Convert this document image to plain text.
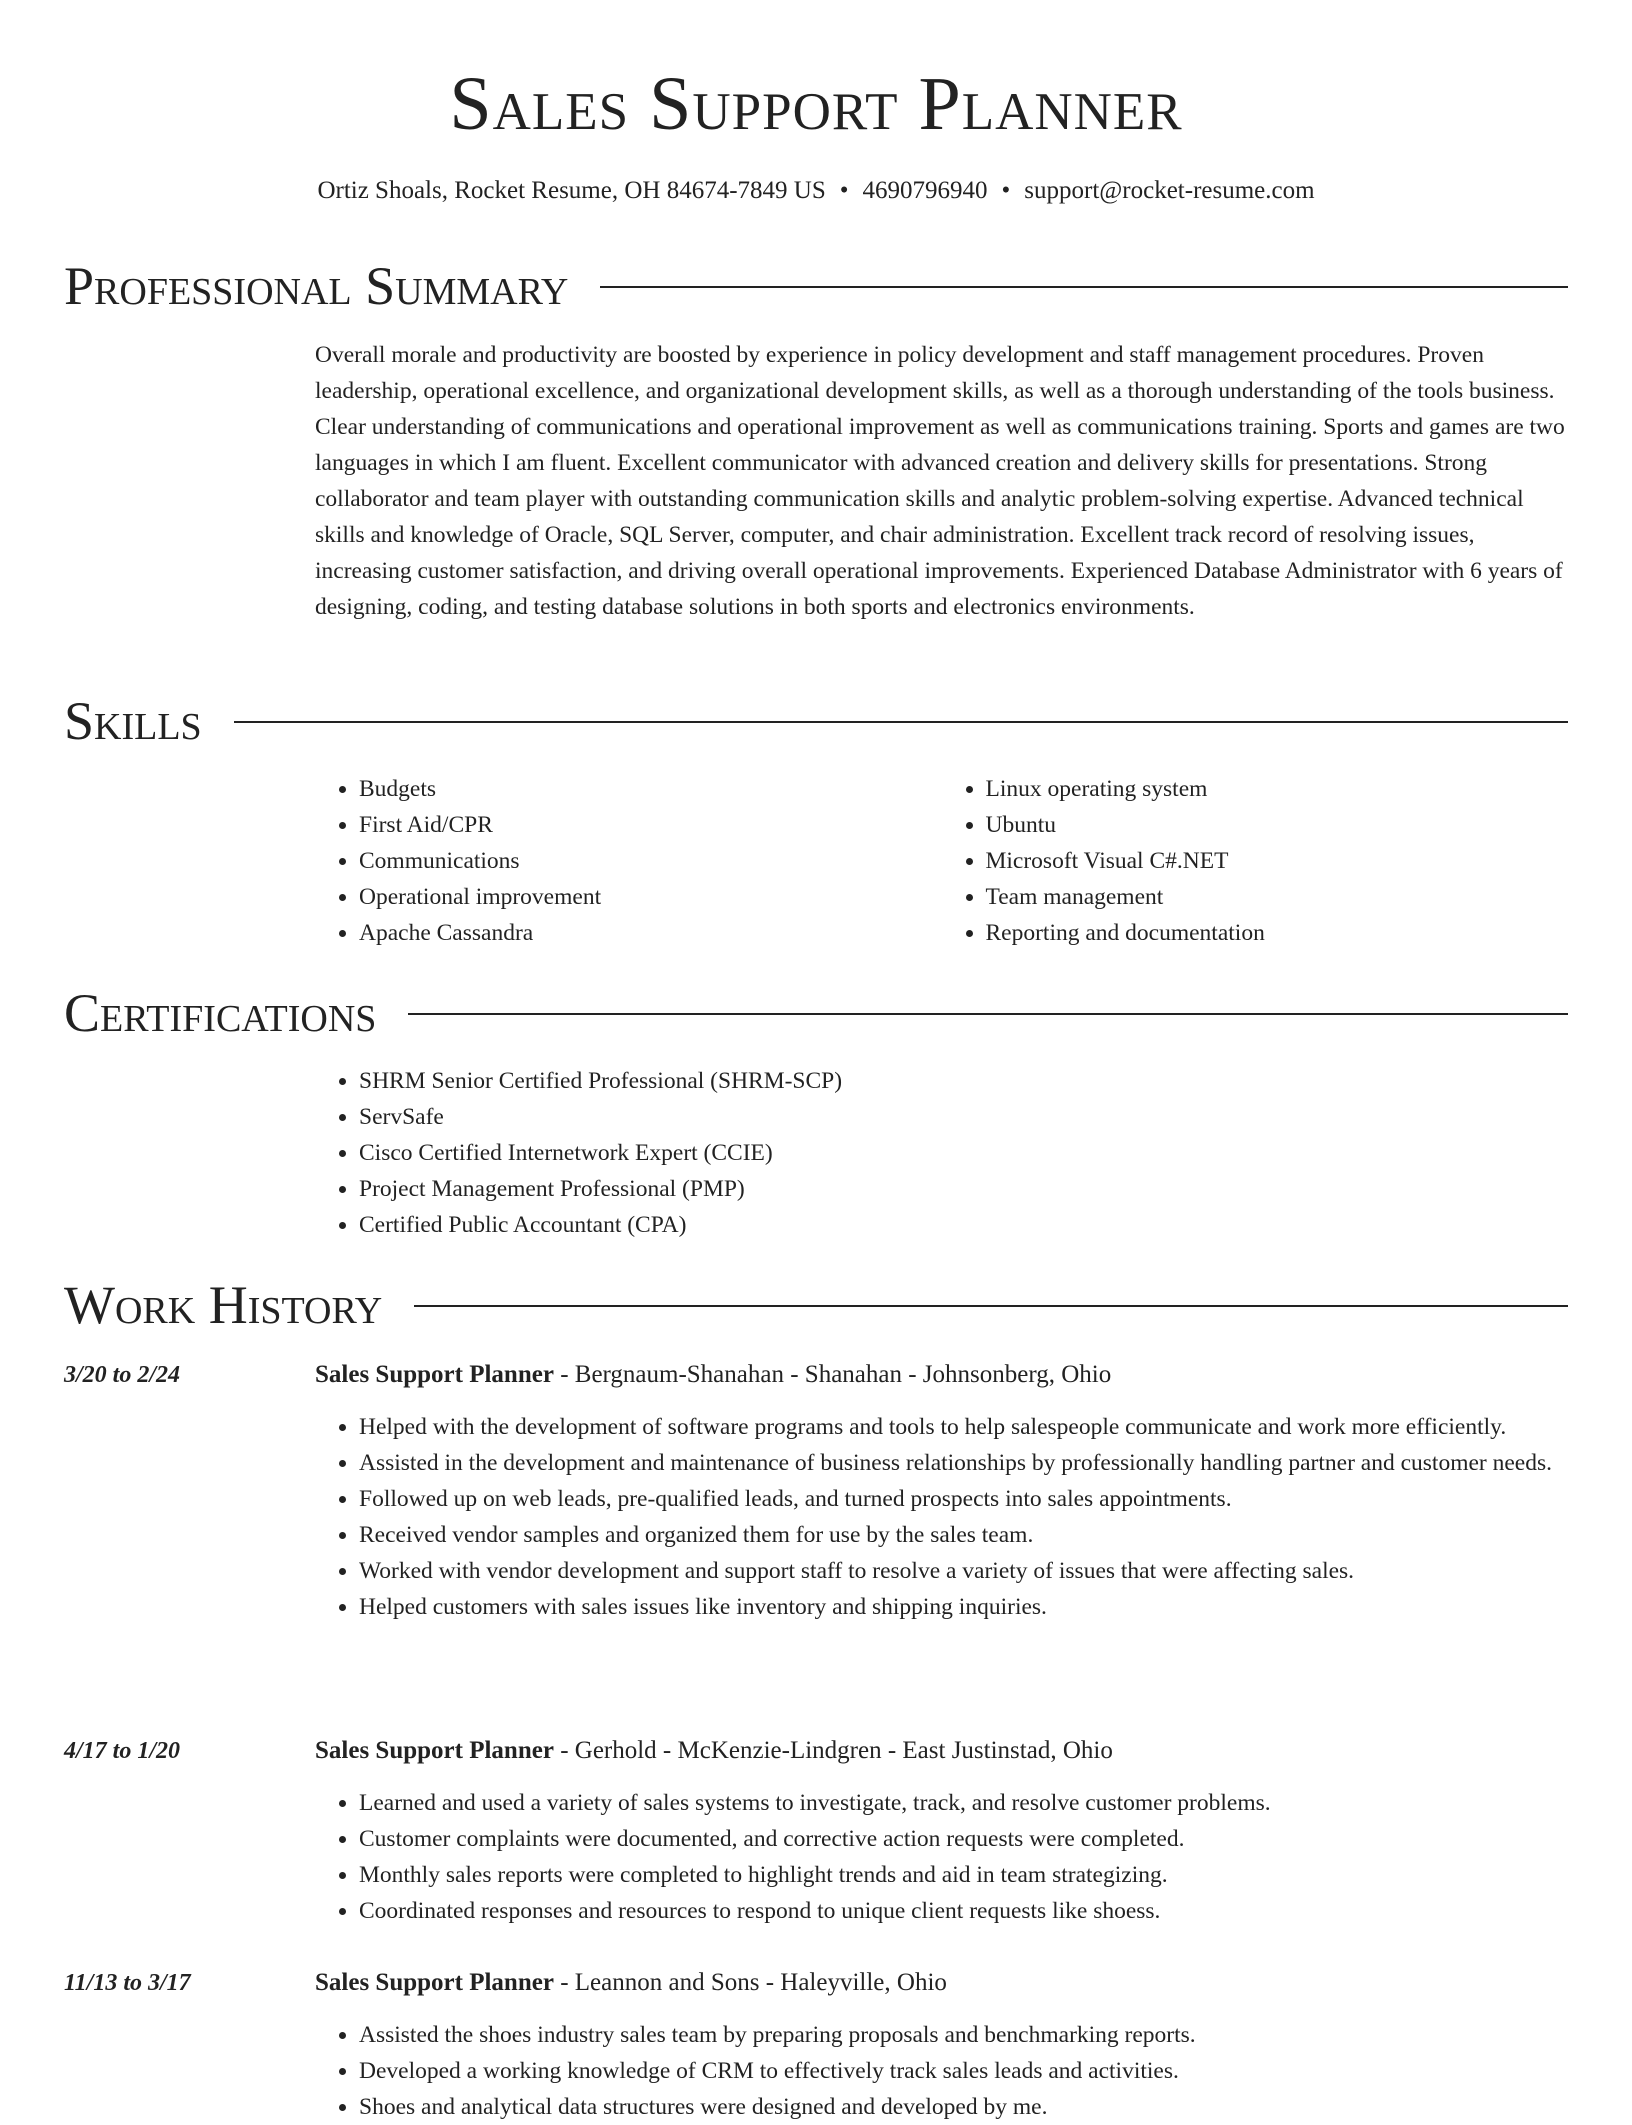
Sales Support Planner
Ortiz Shoals, Rocket Resume, OH 84674-7849 US • 4690796940 • support@rocket-resume.com
Professional Summary

Overall morale and productivity are boosted by experience in policy development and staff management procedures. Proven leadership, operational excellence, and organizational development skills, as well as a thorough understanding of the tools business. Clear understanding of communications and operational improvement as well as communications training. Sports and games are two languages in which I am fluent. Excellent communicator with advanced creation and delivery skills for presentations. Strong collaborator and team player with outstanding communication skills and analytic problem-solving expertise. Advanced technical skills and knowledge of Oracle, SQL Server, computer, and chair administration. Excellent track record of resolving issues, increasing customer satisfaction, and driving overall operational improvements. Experienced Database Administrator with 6 years of designing, coding, and testing database solutions in both sports and electronics environments.

Skills
• Budgets
• First Aid/CPR
• Communications
• Operational improvement
• Apache Cassandra
• Linux operating system
• Ubuntu
• Microsoft Visual C#.NET
• Team management
• Reporting and documentation
Certifications
• SHRM Senior Certified Professional (SHRM-SCP)
• ServSafe
• Cisco Certified Internetwork Expert (CCIE)
• Project Management Professional (PMP)
• Certified Public Accountant (CPA)
Work History
3/20 to 2/24	Sales Support Planner - Bergnaum-Shanahan - Shanahan - Johnsonberg, Ohio
• Helped with the development of software programs and tools to help salespeople communicate and work more efficiently.
• Assisted in the development and maintenance of business relationships by professionally handling partner and customer needs.
• Followed up on web leads, pre-qualified leads, and turned prospects into sales appointments.
• Received vendor samples and organized them for use by the sales team.
• Worked with vendor development and support staff to resolve a variety of issues that were affecting sales.
• Helped customers with sales issues like inventory and shipping inquiries.
4/17 to 1/20	Sales Support Planner - Gerhold - McKenzie-Lindgren - East Justinstad, Ohio
• Learned and used a variety of sales systems to investigate, track, and resolve customer problems.
• Customer complaints were documented, and corrective action requests were completed.
• Monthly sales reports were completed to highlight trends and aid in team strategizing.
• Coordinated responses and resources to respond to unique client requests like shoess.
11/13 to 3/17	Sales Support Planner - Leannon and Sons - Haleyville, Ohio
• Assisted the shoes industry sales team by preparing proposals and benchmarking reports.
• Developed a working knowledge of CRM to effectively track sales leads and activities.
• Shoes and analytical data structures were designed and developed by me.
